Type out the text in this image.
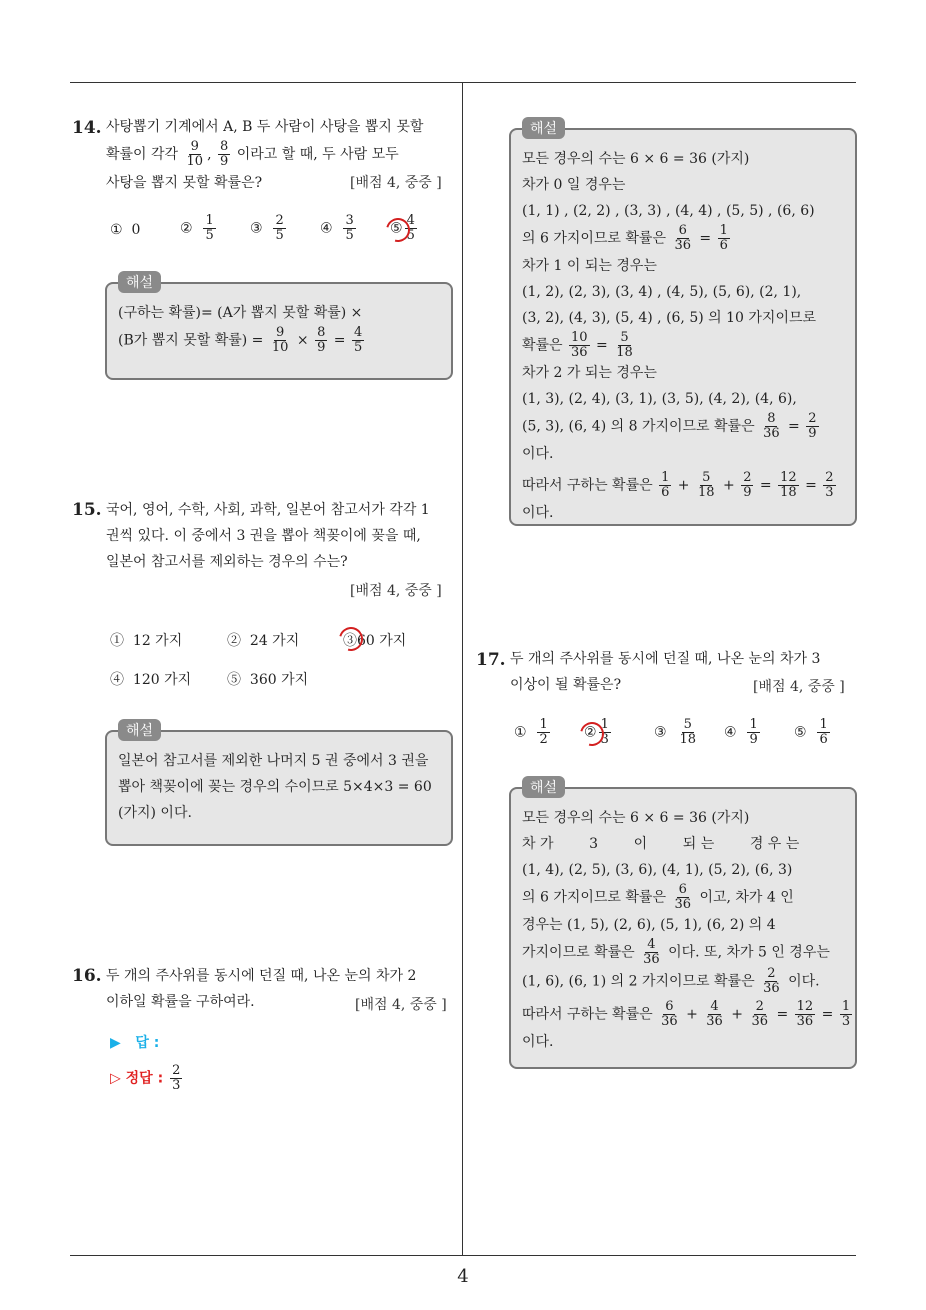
4
14. 사탕뽑기 기계에서 A, B 두 사람이 사탕을 뽑지 못할
확률이 각각 $\frac{9}{10}$ , $\frac{8}{9}$ 이라고 할 때, 두 사람 모두
사탕을 뽑지 못할 확률은?	[배점 4, 중중 ]
① 0	② $\frac{1}{5}$ ③ $\frac{2}{5}$ ④ $\frac{3}{5}$ ⑤ $\frac{4}{5}$
해설
(구하는 확률)= (A가 뽑지 못할 확률) ×
(B가 뽑지 못할 확률) = $\frac{9}{10} \times \frac{8}{9} = \frac{4}{5}$
15. 국어, 영어, 수학, 사회, 과학, 일본어 참고서가 각각 1
권씩 있다. 이 중에서 3 권을 뽑아 책꽂이에 꽂을 때,
일본어 참고서를 제외하는 경우의 수는?
[배점 4, 중중 ]
① 12 가지	② 24 가지	③60 가지
④ 120 가지	⑤ 360 가지
해설
일본어 참고서를 제외한 나머지 5 권 중에서 3 권을
뽑아 책꽂이에 꽂는 경우의 수이므로 5×4×3 = 60
(가지) 이다.
16. 두 개의 주사위를 동시에 던질 때, 나온 눈의 차가 2
이하일 확률을 구하여라.	[배점 4, 중중 ]
▶ 답 :
▷ 정답 : $\frac{2}{3}$
해설
모든 경우의 수는 6 × 6 = 36 (가지)
차가 0 일 경우는
(1, 1) , (2, 2) , (3, 3) , (4, 4) , (5, 5) , (6, 6)
의 6 가지이므로 확률은 $\frac{6}{36} = \frac{1}{6}$
차가 1 이 되는 경우는
(1, 2), (2, 3), (3, 4) , (4, 5), (5, 6), (2, 1),
(3, 2), (4, 3), (5, 4) , (6, 5) 의 10 가지이므로
확률은 $\frac{10}{36} = \frac{5}{18}$
차가 2 가 되는 경우는
(1, 3), (2, 4), (3, 1), (3, 5), (4, 2), (4, 6),
(5, 3), (6, 4) 의 8 가지이므로 확률은 $\frac{8}{36} = \frac{2}{9}$
이다.
따라서 구하는 확률은 $\frac{1}{6} + \frac{5}{18} + \frac{2}{9} = \frac{12}{18} = \frac{2}{3}$
이다.
17. 두 개의 주사위를 동시에 던질 때, 나온 눈의 차가 3
이상이 될 확률은?	[배점 4, 중중 ]
① $\frac{1}{2}$ ② $\frac{1}{3}$	③ $\frac{5}{18}$ ④ $\frac{1}{9}$ ⑤ $\frac{1}{6}$
해설
모든 경우의 수는 6 × 6 = 36 (가지)
차 가        3        이        되 는        경 우 는
(1, 4), (2, 5), (3, 6), (4, 1), (5, 2), (6, 3)
의 6 가지이므로 확률은 $\frac{6}{36}$ 이고, 차가 4 인
경우는 (1, 5), (2, 6), (5, 1), (6, 2) 의 4
가지이므로 확률은 $\frac{4}{36}$ 이다. 또, 차가 5 인 경우는
(1, 6), (6, 1) 의 2 가지이므로 확률은 $\frac{2}{36}$ 이다.
따라서 구하는 확률은 $\frac{6}{36} + \frac{4}{36} + \frac{2}{36} = \frac{12}{36} = \frac{1}{3}$
이다.
